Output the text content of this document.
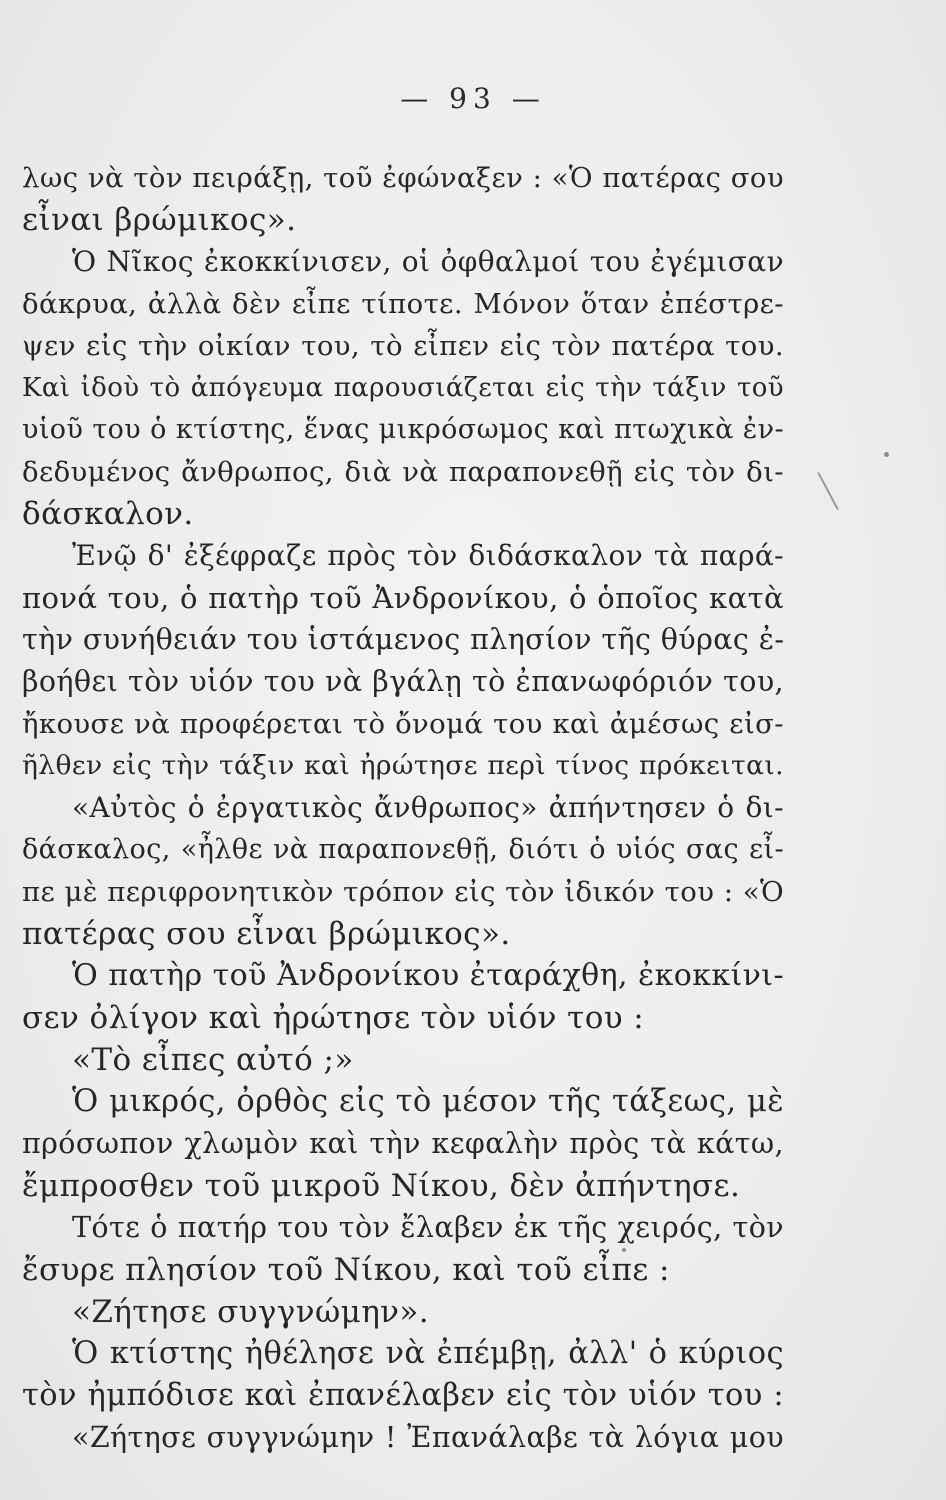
— 93 —
λως νὰ τὸν πειράξῃ, τοῦ ἐφώναξεν : «Ὁ πατέρας σου
εἶναι βρώμικος».
Ὁ Νῖκος ἐκοκκίνισεν, οἱ ὀφθαλμοί του ἐγέμισαν
δάκρυα, ἀλλὰ δὲν εἶπε τίποτε. Μόνον ὅταν ἐπέστρε-
ψεν εἰς τὴν οἰκίαν του, τὸ εἶπεν εἰς τὸν πατέρα του.
Καὶ ἰδοὺ τὸ ἀπόγευμα παρουσιάζεται εἰς τὴν τάξιν τοῦ
υἱοῦ του ὁ κτίστης, ἕνας μικρόσωμος καὶ πτωχικὰ ἐν-
δεδυμένος ἄνθρωπος, διὰ νὰ παραπονεθῇ εἰς τὸν δι-
δάσκαλον.
Ἐνῷ δ' ἐξέφραζε πρὸς τὸν διδάσκαλον τὰ παρά-
πονά του, ὁ πατὴρ τοῦ Ἀνδρονίκου, ὁ ὁποῖος κατὰ
τὴν συνήθειάν του ἱστάμενος πλησίον τῆς θύρας ἐ-
βοήθει τὸν υἱόν του νὰ βγάλῃ τὸ ἐπανωφόριόν του,
ἤκουσε νὰ προφέρεται τὸ ὄνομά του καὶ ἀμέσως εἰσ-
ῆλθεν εἰς τὴν τάξιν καὶ ἠρώτησε περὶ τίνος πρόκειται.
«Αὐτὸς ὁ ἐργατικὸς ἄνθρωπος» ἀπήντησεν ὁ δι-
δάσκαλος, «ἦλθε νὰ παραπονεθῇ, διότι ὁ υἱός σας εἶ-
πε μὲ περιφρονητικὸν τρόπον εἰς τὸν ἰδικόν του : «Ὁ
πατέρας σου εἶναι βρώμικος».
Ὁ πατὴρ τοῦ Ἀνδρονίκου ἐταράχθη, ἐκοκκίνι-
σεν ὀλίγον καὶ ἠρώτησε τὸν υἱόν του :
«Τὸ εἶπες αὐτό ;»
Ὁ μικρός, ὀρθὸς εἰς τὸ μέσον τῆς τάξεως, μὲ
πρόσωπον χλωμὸν καὶ τὴν κεφαλὴν πρὸς τὰ κάτω,
ἔμπροσθεν τοῦ μικροῦ Νίκου, δὲν ἀπήντησε.
Τότε ὁ πατήρ του τὸν ἔλαβεν ἐκ τῆς χειρός, τὸν
ἔσυρε πλησίον τοῦ Νίκου, καὶ τοῦ εἶπε :
«Ζήτησε συγγνώμην».
Ὁ κτίστης ἠθέλησε νὰ ἐπέμβῃ, ἀλλ' ὁ κύριος
τὸν ἠμπόδισε καὶ ἐπανέλαβεν εἰς τὸν υἱόν του :
«Ζήτησε συγγνώμην ! Ἐπανάλαβε τὰ λόγια μου
